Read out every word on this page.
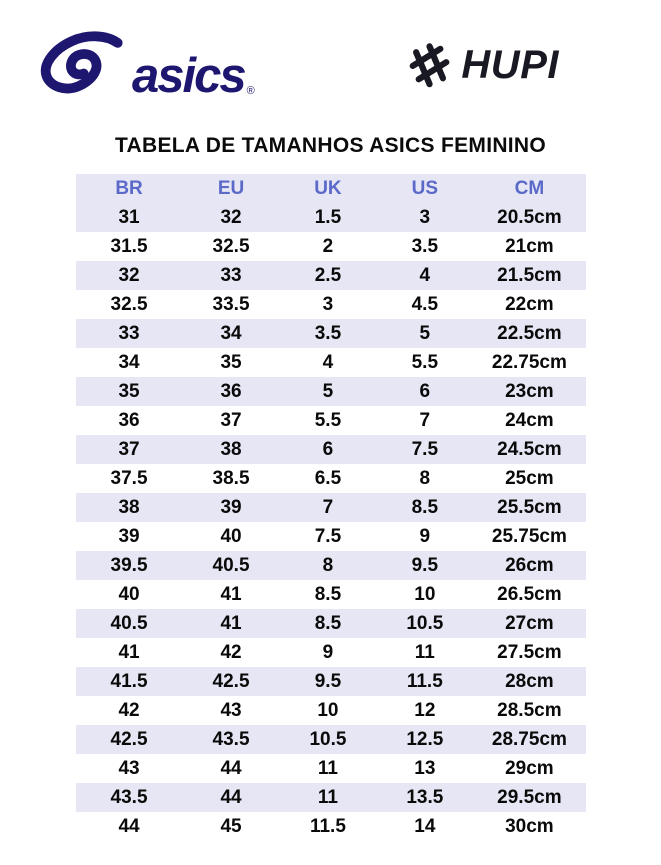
asics ®
HUPI
TABELA DE TAMANHOS ASICS FEMININO
BR	EU	UK	US	CM
31	32	1.5	3	20.5cm
31.5	32.5	2	3.5	21cm
32	33	2.5	4	21.5cm
32.5	33.5	3	4.5	22cm
33	34	3.5	5	22.5cm
34	35	4	5.5	22.75cm
35	36	5	6	23cm
36	37	5.5	7	24cm
37	38	6	7.5	24.5cm
37.5	38.5	6.5	8	25cm
38	39	7	8.5	25.5cm
39	40	7.5	9	25.75cm
39.5	40.5	8	9.5	26cm
40	41	8.5	10	26.5cm
40.5	41	8.5	10.5	27cm
41	42	9	11	27.5cm
41.5	42.5	9.5	11.5	28cm
42	43	10	12	28.5cm
42.5	43.5	10.5	12.5	28.75cm
43	44	11	13	29cm
43.5	44	11	13.5	29.5cm
44	45	11.5	14	30cm
